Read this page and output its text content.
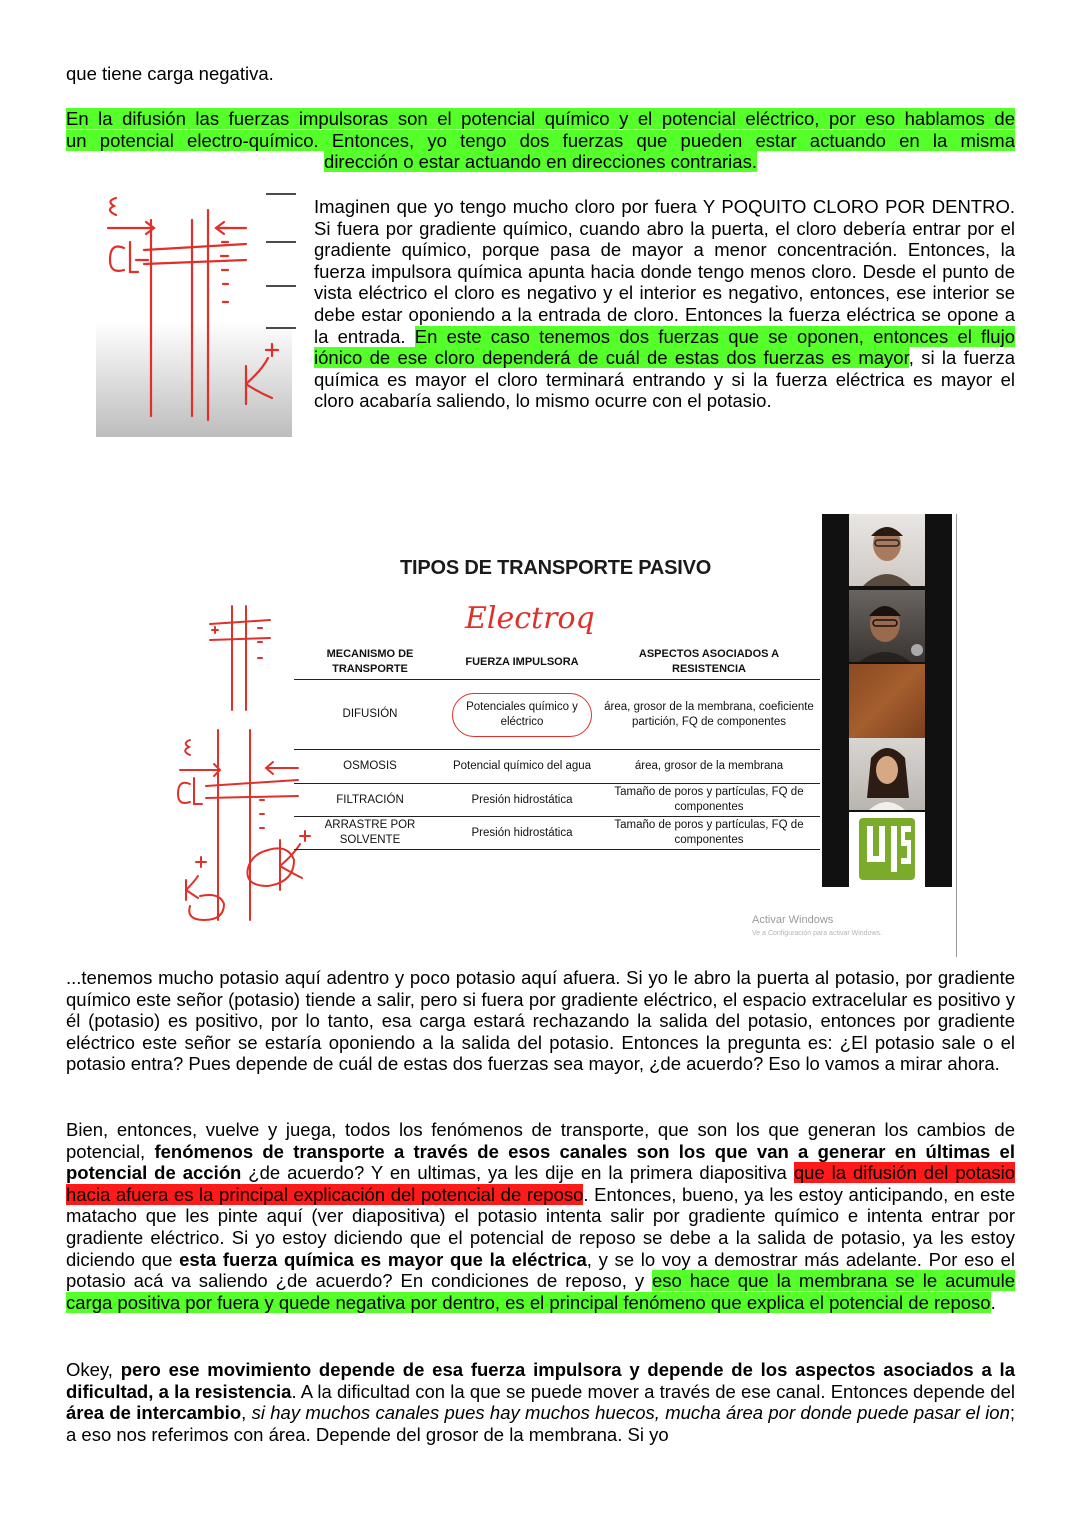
que tiene carga negativa.
En la difusión las fuerzas impulsoras son el potencial químico y el potencial eléctrico, por eso hablamos de
un potencial electro-químico. Entonces, yo tengo dos fuerzas que pueden estar actuando en la misma
dirección o estar actuando en direcciones contrarias.
ε	Imaginen que yo tengo mucho cloro por fuera Y POQUITO CLORO POR DENTRO. Si fuera por gradiente químico, cuando abro la puerta, el cloro debería entrar por el gradiente químico, porque pasa de mayor a menor concentración. Entonces, la fuerza impulsora química apunta hacia donde tengo menos cloro. Desde el punto de vista eléctrico el cloro es negativo y el interior es negativo, entonces, ese interior se debe estar oponiendo a la entrada de cloro. Entonces la fuerza eléctrica se opone a la entrada. En este caso tenemos dos fuerzas que se oponen, entonces el flujo iónico de ese cloro dependerá de cuál de estas dos fuerzas es mayor, si la fuerza química es mayor el cloro terminará entrando y si la fuerza eléctrica es mayor el cloro acabaría saliendo, lo mismo ocurre con el potasio.
TIPOS DE TRANSPORTE PASIVO
Electroq
MECANISMO DE TRANSPORTE	FUERZA IMPULSORA	ASPECTOS ASOCIADOS A RESISTENCIA
DIFUSIÓN	Potenciales químico y eléctrico	área, grosor de la membrana, coeficiente partición, FQ de componentes
OSMOSIS	Potencial químico del agua	área, grosor de la membrana
FILTRACIÓN	Presión hidrostática	Tamaño de poros y partículas, FQ de componentes
ARRASTRE POR SOLVENTE	Presión hidrostática	Tamaño de poros y partículas, FQ de componentes
Activar Windows
Ve a Configuración para activar Windows.
...tenemos mucho potasio aquí adentro y poco potasio aquí afuera. Si yo le abro la puerta al potasio, por gradiente químico este señor (potasio) tiende a salir, pero si fuera por gradiente eléctrico, el espacio extracelular es positivo y él (potasio) es positivo, por lo tanto, esa carga estará rechazando la salida del potasio, entonces por gradiente eléctrico este señor se estaría oponiendo a la salida del potasio. Entonces la pregunta es: ¿El potasio sale o el potasio entra? Pues depende de cuál de estas dos fuerzas sea mayor, ¿de acuerdo? Eso lo vamos a mirar ahora.
Bien, entonces, vuelve y juega, todos los fenómenos de transporte, que son los que generan los cambios de potencial, fenómenos de transporte a través de esos canales son los que van a generar en últimas el potencial de acción ¿de acuerdo? Y en ultimas, ya les dije en la primera diapositiva que la difusión del potasio hacia afuera es la principal explicación del potencial de reposo. Entonces, bueno, ya les estoy anticipando, en este matacho que les pinte aquí (ver diapositiva) el potasio intenta salir por gradiente químico e intenta entrar por gradiente eléctrico. Si yo estoy diciendo que el potencial de reposo se debe a la salida de potasio, ya les estoy diciendo que esta fuerza química es mayor que la eléctrica, y se lo voy a demostrar más adelante. Por eso el potasio acá va saliendo ¿de acuerdo? En condiciones de reposo, y eso hace que la membrana se le acumule carga positiva por fuera y quede negativa por dentro, es el principal fenómeno que explica el potencial de reposo.
Okey, pero ese movimiento depende de esa fuerza impulsora y depende de los aspectos asociados a la dificultad, a la resistencia. A la dificultad con la que se puede mover a través de ese canal. Entonces depende del área de intercambio, si hay muchos canales pues hay muchos huecos, mucha área por donde puede pasar el ion; a eso nos referimos con área. Depende del grosor de la membrana. Si yo
